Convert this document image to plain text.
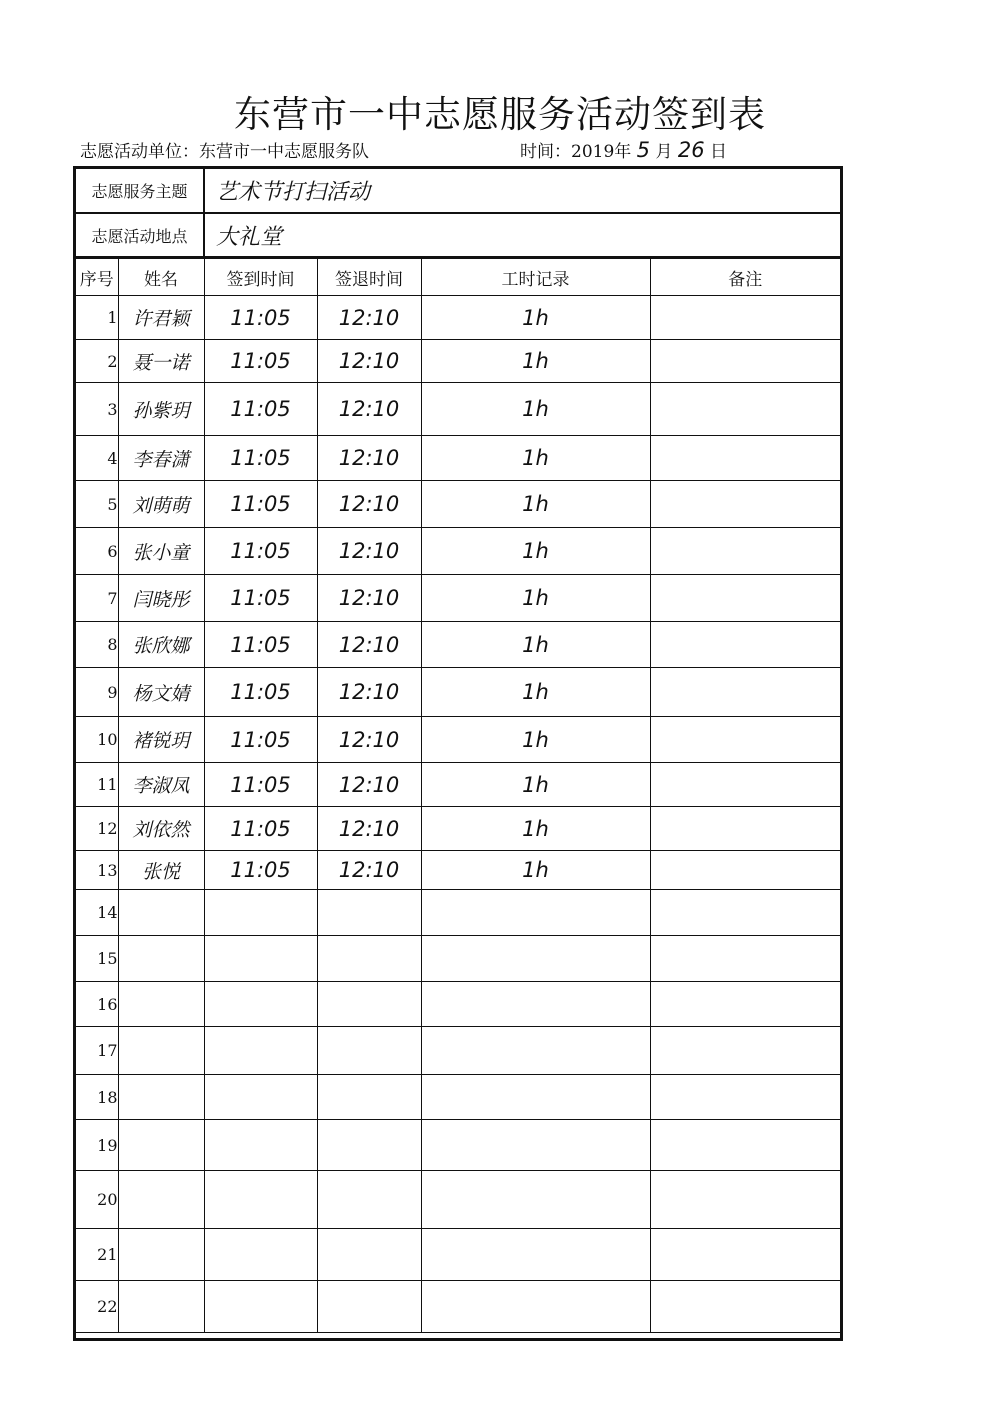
东营市一中志愿服务活动签到表
志愿活动单位：东营市一中志愿服务队	时间：2019年 5 月 26 日
志愿服务主题	艺术节打扫活动
志愿活动地点	大礼堂
序号	姓名	签到时间	签退时间	工时记录	备注
1	许君颖	11:05	12:10	1h	
2	聂一诺	11:05	12:10	1h	
3	孙紫玥	11:05	12:10	1h	
4	李春潇	11:05	12:10	1h	
5	刘萌萌	11:05	12:10	1h	
6	张小童	11:05	12:10	1h	
7	闫晓彤	11:05	12:10	1h	
8	张欣娜	11:05	12:10	1h	
9	杨文婧	11:05	12:10	1h	
10	褚锐玥	11:05	12:10	1h	
11	李淑凤	11:05	12:10	1h	
12	刘依然	11:05	12:10	1h	
13	张悦	11:05	12:10	1h	
14					
15					
16					
17					
18					
19					
20					
21					
22					
